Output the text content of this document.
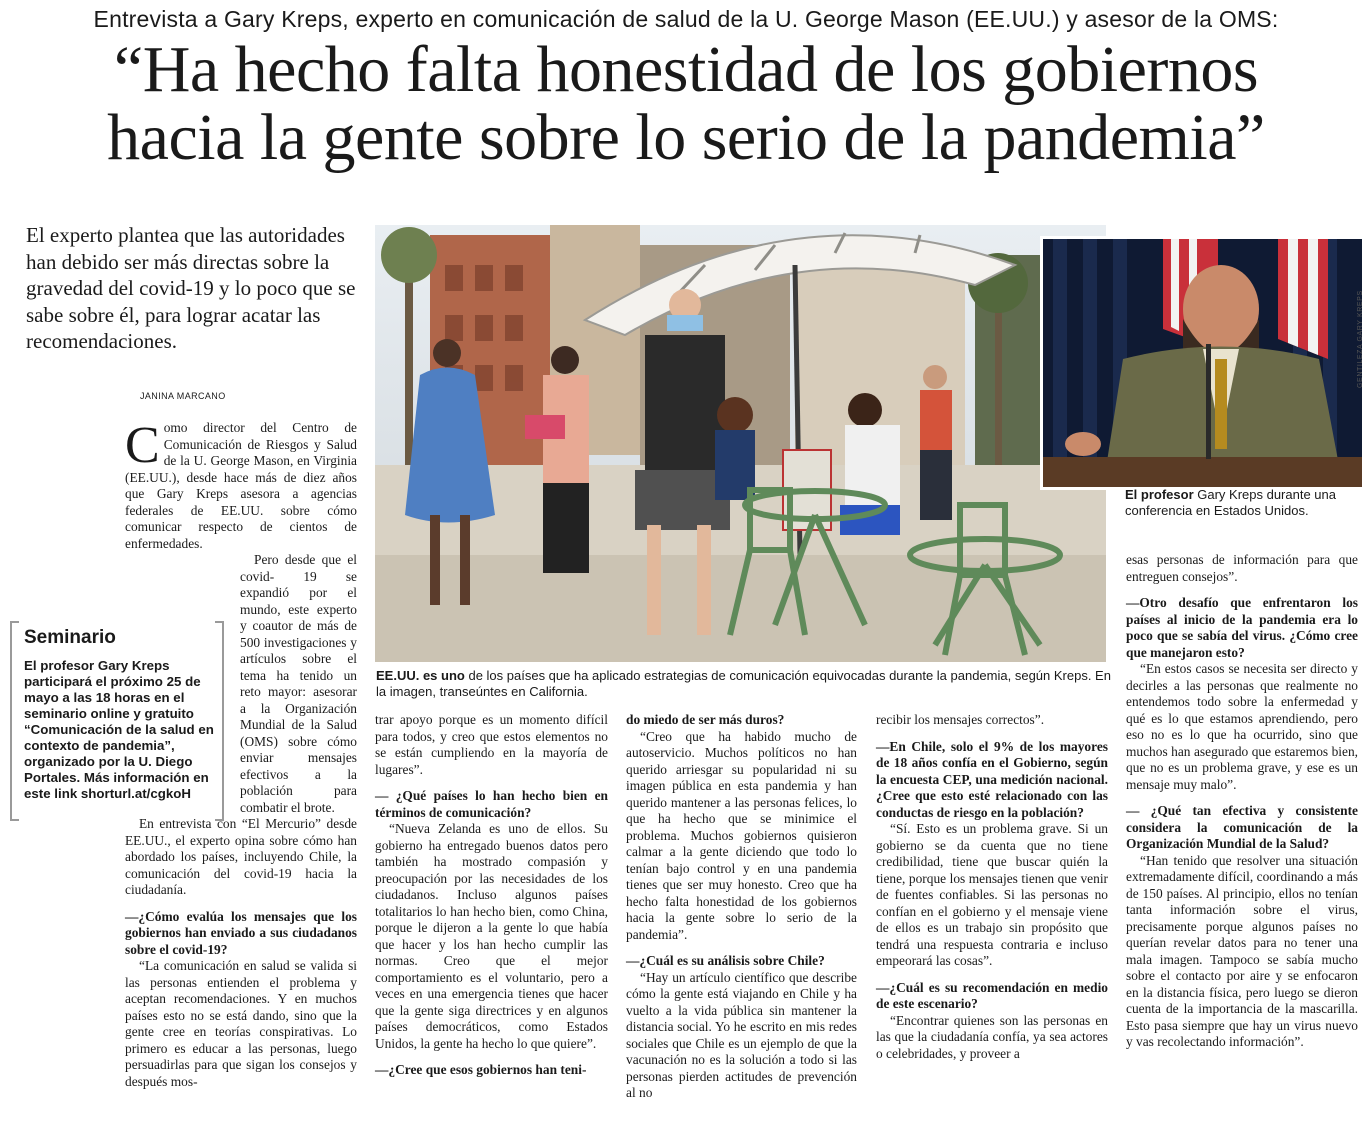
Entrevista a Gary Kreps, experto en comunicación de salud de la U. George Mason (EE.UU.) y asesor de la OMS:
“Ha hecho falta honestidad de los gobiernos
hacia la gente sobre lo serio de la pandemia”
El experto plantea que las autoridades han debido ser más directas sobre la gravedad del covid-19 y lo poco que se sabe sobre él, para lograr acatar las recomendaciones.
JANINA MARCANO
C omo director del Centro de Comunicación de Riesgos y Salud de la U. George Mason, en Virginia (EE.UU.), desde hace más de diez años que Gary Kreps asesora a agencias federales de EE.UU. sobre cómo comunicar respecto de cientos de enfermedades.

Pero desde que el covid- 19 se expandió por el mundo, este experto y coautor de más de 500 investigaciones y artículos sobre el tema ha tenido un reto mayor: asesorar a la Organización Mundial de la Salud (OMS) sobre cómo enviar mensajes efectivos a la población para combatir el brote.

En entrevista con “El Mercurio” desde EE.UU., el experto opina sobre cómo han abordado los países, incluyendo Chile, la comunicación del covid-19 hacia la ciudadanía.

—¿Cómo evalúa los mensajes que los gobiernos han enviado a sus ciudadanos sobre el covid-19?

“La comunicación en salud se valida si las personas entienden el problema y aceptan recomendaciones. Y en muchos países esto no se está dando, sino que la gente cree en teorías conspirativas. Lo primero es educar a las personas, luego persuadirlas para que sigan los consejos y después mos-

Seminario
El profesor Gary Kreps participará el próximo 25 de mayo a las 18 horas en el seminario online y gratuito “Comunicación de la salud en contexto de pandemia”, organizado por la U. Diego Portales. Más información en este link shorturl.at/cgkoH
GENTILEZA GARY KREPS
EE.UU. es uno de los países que ha aplicado estrategias de comunicación equivocadas durante la pandemia, según Kreps. En la imagen, transeúntes en California.
El profesor Gary Kreps durante una conferencia en Estados Unidos.

trar apoyo porque es un momento difícil para todos, y creo que estos elementos no se están cumpliendo en la mayoría de lugares”.

— ¿Qué países lo han hecho bien en términos de comunicación?

“Nueva Zelanda es uno de ellos. Su gobierno ha entregado buenos datos pero también ha mostrado compasión y preocupación por las necesidades de los ciudadanos. Incluso algunos países totalitarios lo han hecho bien, como China, porque le dijeron a la gente lo que había que hacer y los han hecho cumplir las normas. Creo que el mejor comportamiento es el voluntario, pero a veces en una emergencia tienes que hacer que la gente siga directrices y en algunos países democráticos, como Estados Unidos, la gente ha hecho lo que quiere”.

—¿Cree que esos gobiernos han teni-

do miedo de ser más duros?

“Creo que ha habido mucho de autoservicio. Muchos políticos no han querido arriesgar su popularidad ni su imagen pública en esta pandemia y han querido mantener a las personas felices, lo que ha hecho que se minimice el problema. Muchos gobiernos quisieron calmar a la gente diciendo que todo lo tenían bajo control y en una pandemia tienes que ser muy honesto. Creo que ha hecho falta honestidad de los gobiernos hacia la gente sobre lo serio de la pandemia”.

—¿Cuál es su análisis sobre Chile?

“Hay un artículo científico que describe cómo la gente está viajando en Chile y ha vuelto a la vida pública sin mantener la distancia social. Yo he escrito en mis redes sociales que Chile es un ejemplo de que la vacunación no es la solución a todo si las personas pierden actitudes de prevención al no

recibir los mensajes correctos”.

—En Chile, solo el 9% de los mayores de 18 años confía en el Gobierno, según la encuesta CEP, una medición nacional. ¿Cree que esto esté relacionado con las conductas de riesgo en la población?

“Sí. Esto es un problema grave. Si un gobierno se da cuenta que no tiene credibilidad, tiene que buscar quién la tiene, porque los mensajes tienen que venir de fuentes confiables. Si las personas no confían en el gobierno y el mensaje viene de ellos es un trabajo sin propósito que tendrá una respuesta contraria e incluso empeorará las cosas”.

—¿Cuál es su recomendación en medio de este escenario?

“Encontrar quienes son las personas en las que la ciudadanía confía, ya sea actores o celebridades, y proveer a

esas personas de información para que entreguen consejos”.

—Otro desafío que enfrentaron los países al inicio de la pandemia era lo poco que se sabía del virus. ¿Cómo cree que manejaron esto?

“En estos casos se necesita ser directo y decirles a las personas que realmente no entendemos todo sobre la enfermedad y qué es lo que estamos aprendiendo, pero eso no es lo que ha ocurrido, sino que muchos han asegurado que estaremos bien, que no es un problema grave, y ese es un mensaje muy malo”.

— ¿Qué tan efectiva y consistente considera la comunicación de la Organización Mundial de la Salud?

“Han tenido que resolver una situación extremadamente difícil, coordinando a más de 150 países. Al principio, ellos no tenían tanta información sobre el virus, precisamente porque algunos países no querían revelar datos para no tener una mala imagen. Tampoco se sabía mucho sobre el contacto por aire y se enfocaron en la distancia física, pero luego se dieron cuenta de la importancia de la mascarilla. Esto pasa siempre que hay un virus nuevo y vas recolectando información”.
